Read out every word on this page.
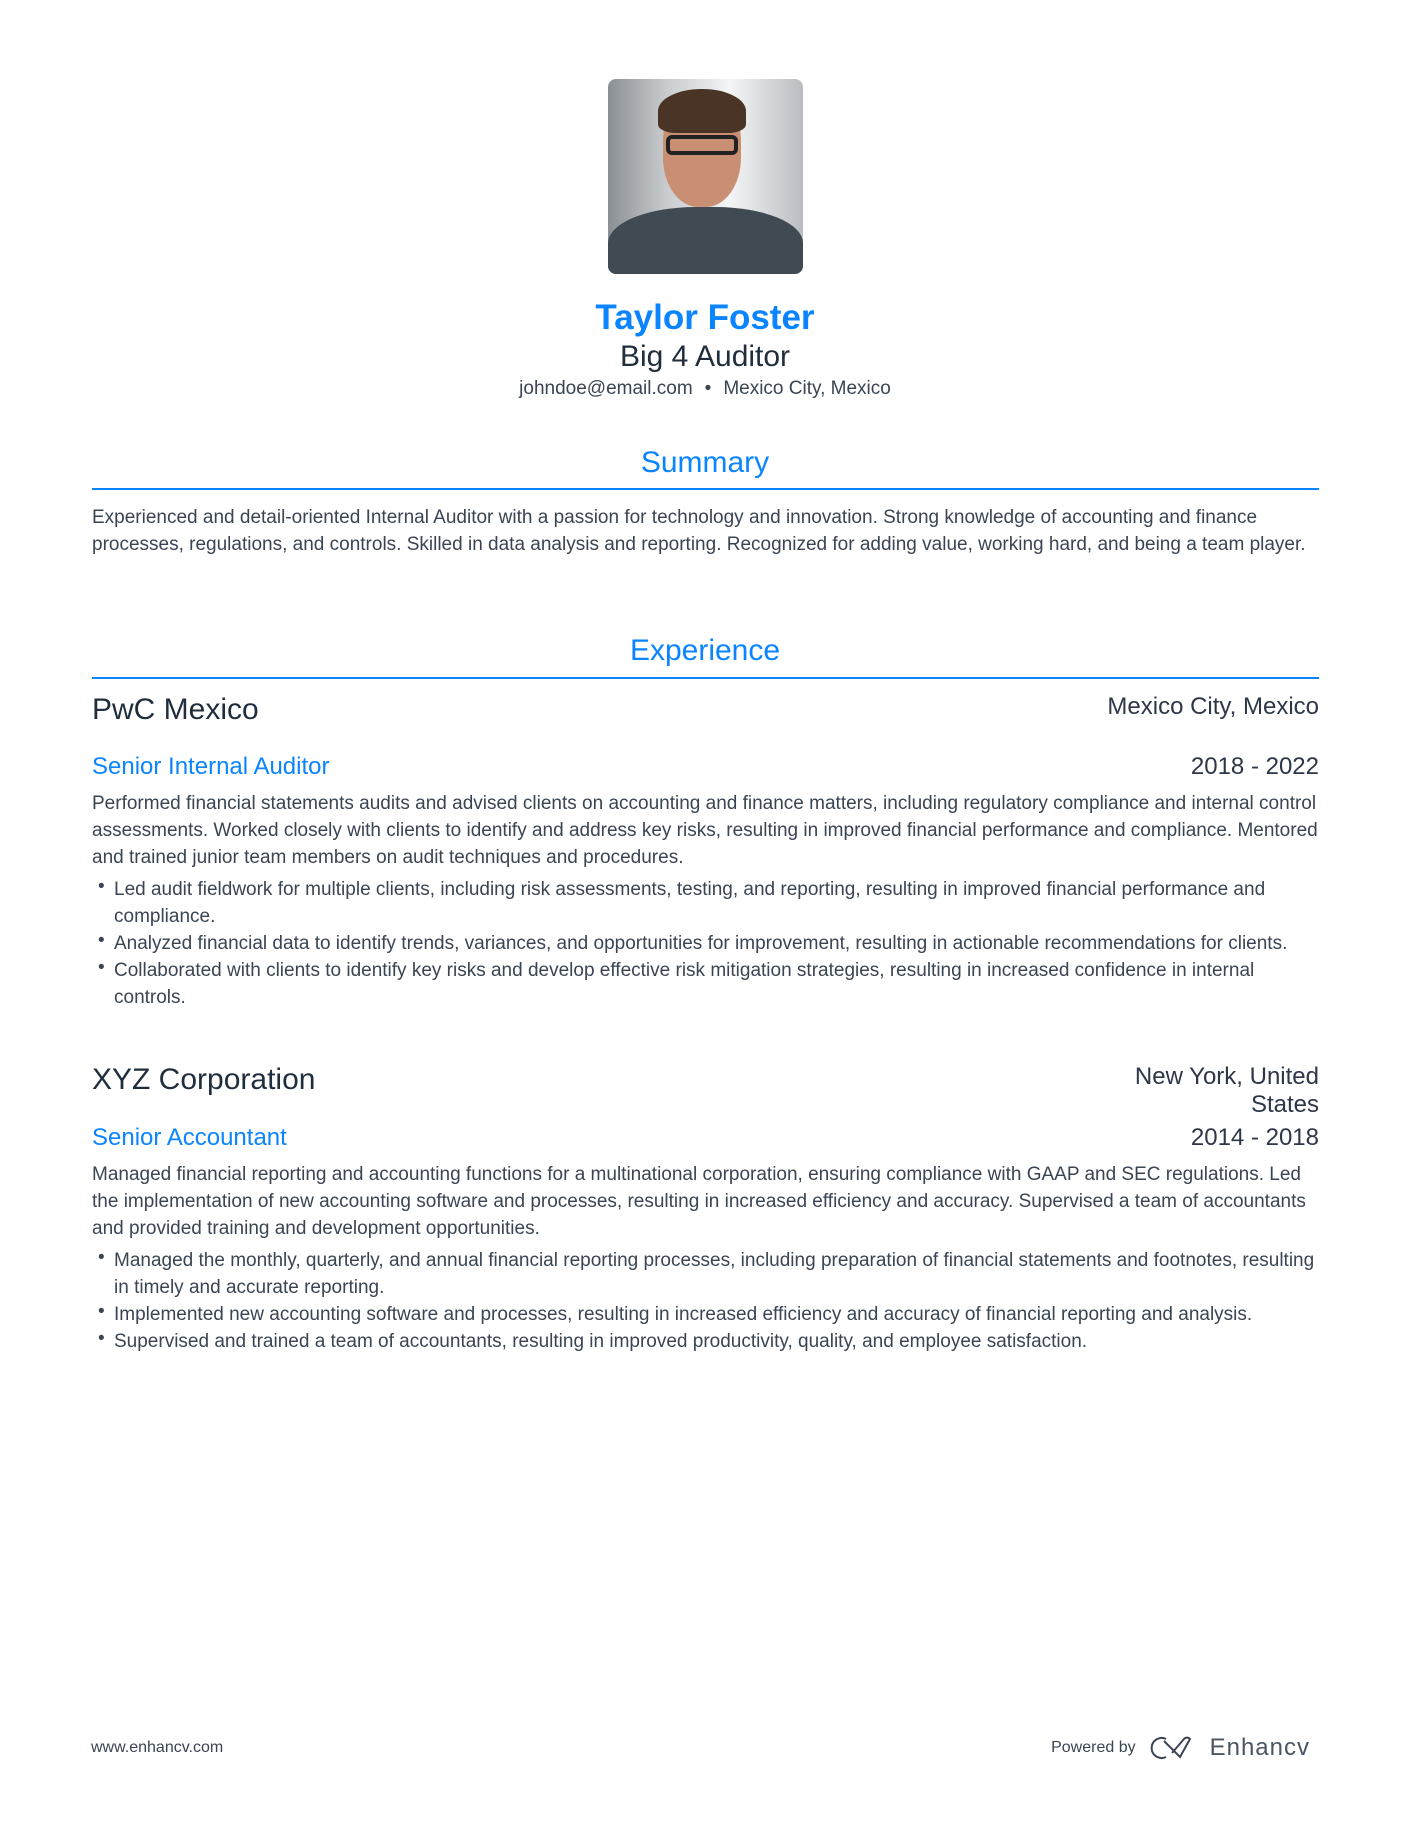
Taylor Foster
Big 4 Auditor
johndoe@email.com • Mexico City, Mexico
Summary
Experienced and detail-oriented Internal Auditor with a passion for technology and innovation. Strong knowledge of accounting and finance processes, regulations, and controls. Skilled in data analysis and reporting. Recognized for adding value, working hard, and being a team player.
Experience
PwC Mexico	Mexico City, Mexico
Senior Internal Auditor	2018 - 2022
Performed financial statements audits and advised clients on accounting and finance matters, including regulatory compliance and internal control assessments. Worked closely with clients to identify and address key risks, resulting in improved financial performance and compliance. Mentored and trained junior team members on audit techniques and procedures.
• Led audit fieldwork for multiple clients, including risk assessments, testing, and reporting, resulting in improved financial performance and compliance.
• Analyzed financial data to identify trends, variances, and opportunities for improvement, resulting in actionable recommendations for clients.
• Collaborated with clients to identify key risks and develop effective risk mitigation strategies, resulting in increased confidence in internal controls.
XYZ Corporation	New York, United States
Senior Accountant	2014 - 2018
Managed financial reporting and accounting functions for a multinational corporation, ensuring compliance with GAAP and SEC regulations. Led the implementation of new accounting software and processes, resulting in increased efficiency and accuracy. Supervised a team of accountants and provided training and development opportunities.
• Managed the monthly, quarterly, and annual financial reporting processes, including preparation of financial statements and footnotes, resulting in timely and accurate reporting.
• Implemented new accounting software and processes, resulting in increased efficiency and accuracy of financial reporting and analysis.
• Supervised and trained a team of accountants, resulting in improved productivity, quality, and employee satisfaction.
www.enhancv.com	Powered by	Enhancv
